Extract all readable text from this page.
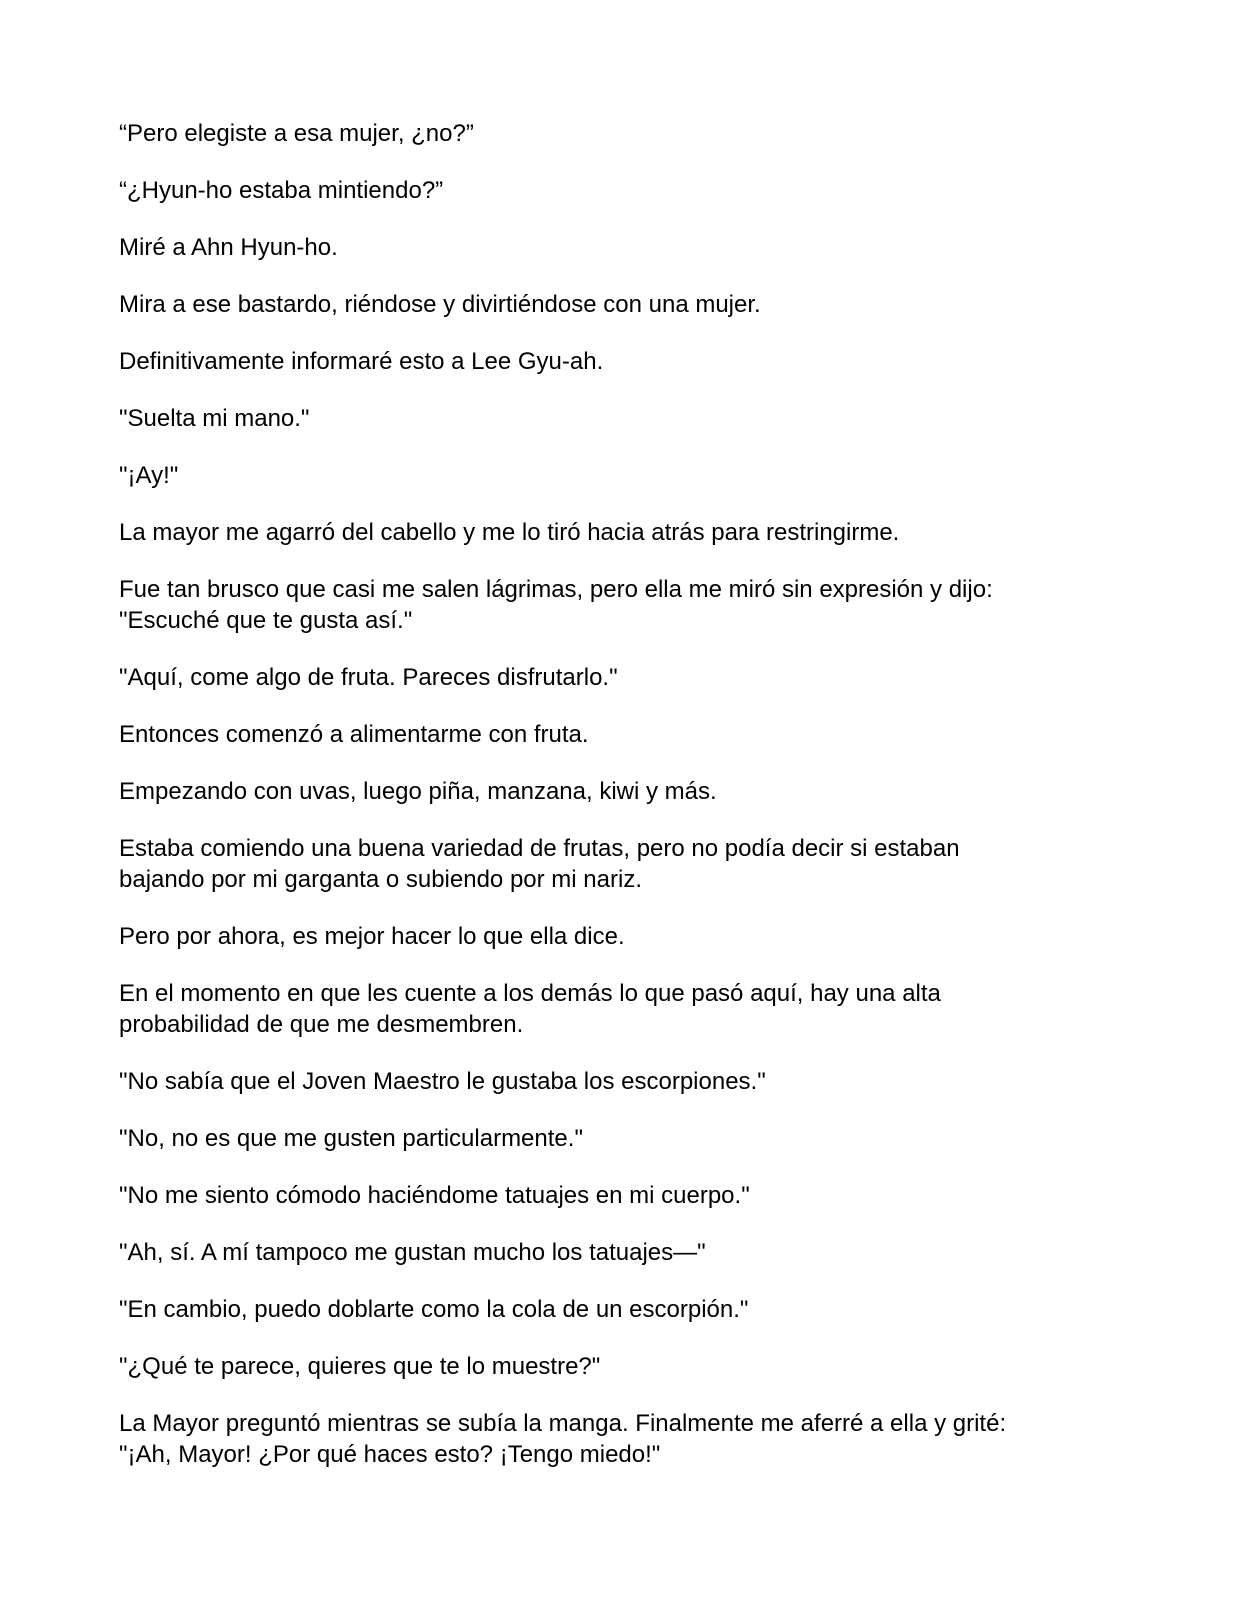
“Pero elegiste a esa mujer, ¿no?”

“¿Hyun-ho estaba mintiendo?”

Miré a Ahn Hyun-ho.

Mira a ese bastardo, riéndose y divirtiéndose con una mujer.

Definitivamente informaré esto a Lee Gyu-ah.

"Suelta mi mano."

"¡Ay!"

La mayor me agarró del cabello y me lo tiró hacia atrás para restringirme.

Fue tan brusco que casi me salen lágrimas, pero ella me miró sin expresión y dijo:
"Escuché que te gusta así."

"Aquí, come algo de fruta. Pareces disfrutarlo."

Entonces comenzó a alimentarme con fruta.

Empezando con uvas, luego piña, manzana, kiwi y más.

Estaba comiendo una buena variedad de frutas, pero no podía decir si estaban
bajando por mi garganta o subiendo por mi nariz.

Pero por ahora, es mejor hacer lo que ella dice.

En el momento en que les cuente a los demás lo que pasó aquí, hay una alta
probabilidad de que me desmembren.

"No sabía que el Joven Maestro le gustaba los escorpiones."

"No, no es que me gusten particularmente."

"No me siento cómodo haciéndome tatuajes en mi cuerpo."

"Ah, sí. A mí tampoco me gustan mucho los tatuajes—"

"En cambio, puedo doblarte como la cola de un escorpión."

"¿Qué te parece, quieres que te lo muestre?"

La Mayor preguntó mientras se subía la manga. Finalmente me aferré a ella y grité:
"¡Ah, Mayor! ¿Por qué haces esto? ¡Tengo miedo!"
